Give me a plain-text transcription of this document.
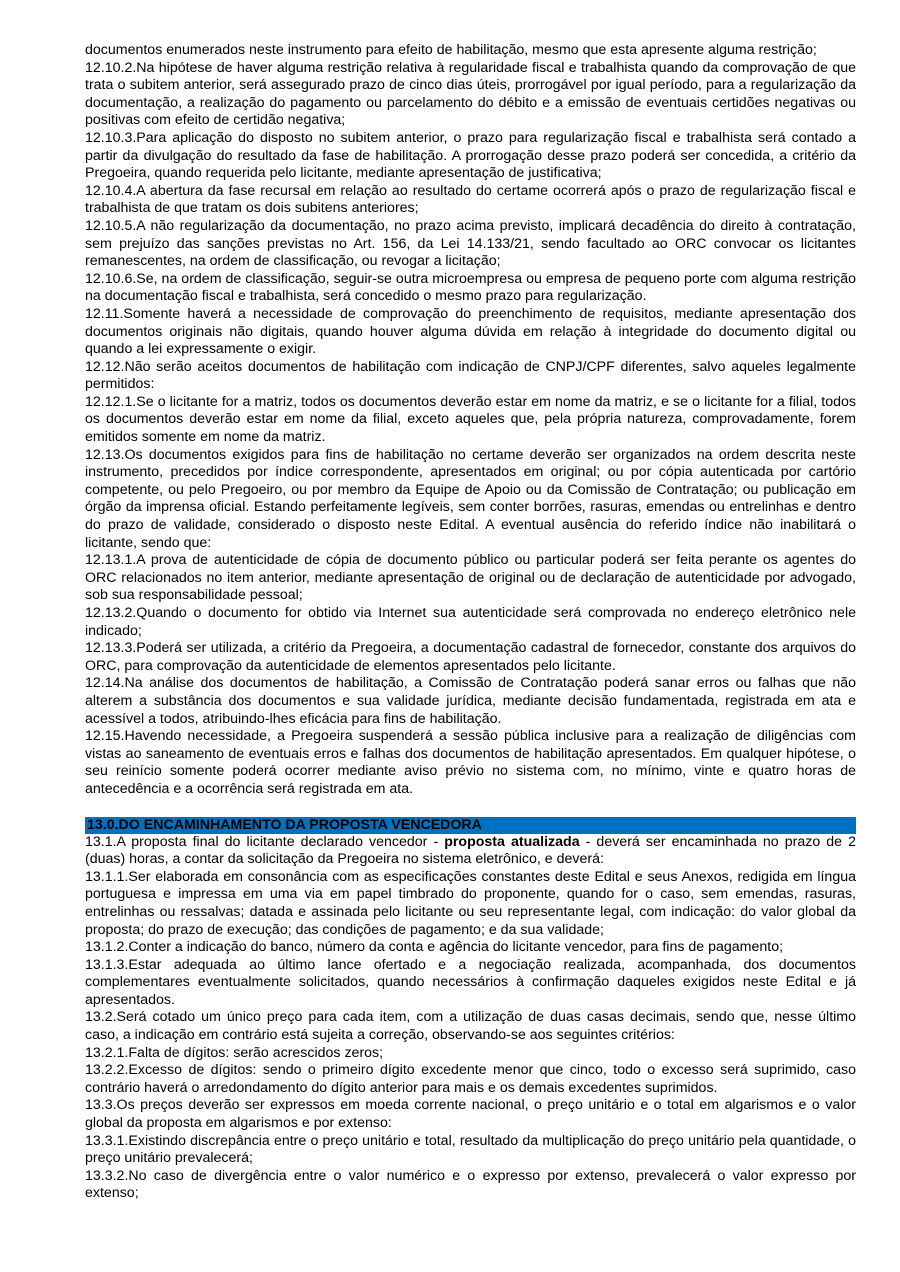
documentos enumerados neste instrumento para efeito de habilitação, mesmo que esta apresente alguma restrição;

12.10.2.Na hipótese de haver alguma restrição relativa à regularidade fiscal e trabalhista quando da comprovação de que trata o subitem anterior, será assegurado prazo de cinco dias úteis, prorrogável por igual período, para a regularização da documentação, a realização do pagamento ou parcelamento do débito e a emissão de eventuais certidões negativas ou positivas com efeito de certidão negativa;

12.10.3.Para aplicação do disposto no subitem anterior, o prazo para regularização fiscal e trabalhista será contado a partir da divulgação do resultado da fase de habilitação. A prorrogação desse prazo poderá ser concedida, a critério da Pregoeira, quando requerida pelo licitante, mediante apresentação de justificativa;

12.10.4.A abertura da fase recursal em relação ao resultado do certame ocorrerá após o prazo de regularização fiscal e trabalhista de que tratam os dois subitens anteriores;

12.10.5.A não regularização da documentação, no prazo acima previsto, implicará decadência do direito à contratação, sem prejuízo das sanções previstas no Art. 156, da Lei 14.133/21, sendo facultado ao ORC convocar os licitantes remanescentes, na ordem de classificação, ou revogar a licitação;

12.10.6.Se, na ordem de classificação, seguir-se outra microempresa ou empresa de pequeno porte com alguma restrição na documentação fiscal e trabalhista, será concedido o mesmo prazo para regularização.

12.11.Somente haverá a necessidade de comprovação do preenchimento de requisitos, mediante apresentação dos documentos originais não digitais, quando houver alguma dúvida em relação à integridade do documento digital ou quando a lei expressamente o exigir.

12.12.Não serão aceitos documentos de habilitação com indicação de CNPJ/CPF diferentes, salvo aqueles legalmente permitidos:

12.12.1.Se o licitante for a matriz, todos os documentos deverão estar em nome da matriz, e se o licitante for a filial, todos os documentos deverão estar em nome da filial, exceto aqueles que, pela própria natureza, comprovadamente, forem emitidos somente em nome da matriz.

12.13.Os documentos exigidos para fins de habilitação no certame deverão ser organizados na ordem descrita neste instrumento, precedidos por índice correspondente, apresentados em original; ou por cópia autenticada por cartório competente, ou pelo Pregoeiro, ou por membro da Equipe de Apoio ou da Comissão de Contratação; ou publicação em órgão da imprensa oficial. Estando perfeitamente legíveis, sem conter borrões, rasuras, emendas ou entrelinhas e dentro do prazo de validade, considerado o disposto neste Edital. A eventual ausência do referido índice não inabilitará o licitante, sendo que:

12.13.1.A prova de autenticidade de cópia de documento público ou particular poderá ser feita perante os agentes do ORC relacionados no item anterior, mediante apresentação de original ou de declaração de autenticidade por advogado, sob sua responsabilidade pessoal;

12.13.2.Quando o documento for obtido via Internet sua autenticidade será comprovada no endereço eletrônico nele indicado;

12.13.3.Poderá ser utilizada, a critério da Pregoeira, a documentação cadastral de fornecedor, constante dos arquivos do ORC, para comprovação da autenticidade de elementos apresentados pelo licitante.

12.14.Na análise dos documentos de habilitação, a Comissão de Contratação poderá sanar erros ou falhas que não alterem a substância dos documentos e sua validade jurídica, mediante decisão fundamentada, registrada em ata e acessível a todos, atribuindo-lhes eficácia para fins de habilitação.

12.15.Havendo necessidade, a Pregoeira suspenderá a sessão pública inclusive para a realização de diligências com vistas ao saneamento de eventuais erros e falhas dos documentos de habilitação apresentados. Em qualquer hipótese, o seu reinício somente poderá ocorrer mediante aviso prévio no sistema com, no mínimo, vinte e quatro horas de antecedência e a ocorrência será registrada em ata.

13.0.DO ENCAMINHAMENTO DA PROPOSTA VENCEDORA

13.1.A proposta final do licitante declarado vencedor - proposta atualizada - deverá ser encaminhada no prazo de 2 (duas) horas, a contar da solicitação da Pregoeira no sistema eletrônico, e deverá:

13.1.1.Ser elaborada em consonância com as especificações constantes deste Edital e seus Anexos, redigida em língua portuguesa e impressa em uma via em papel timbrado do proponente, quando for o caso, sem emendas, rasuras, entrelinhas ou ressalvas; datada e assinada pelo licitante ou seu representante legal, com indicação: do valor global da proposta; do prazo de execução; das condições de pagamento; e da sua validade;

13.1.2.Conter a indicação do banco, número da conta e agência do licitante vencedor, para fins de pagamento;

13.1.3.Estar adequada ao último lance ofertado e a negociação realizada, acompanhada, dos documentos complementares eventualmente solicitados, quando necessários à confirmação daqueles exigidos neste Edital e já apresentados.

13.2.Será cotado um único preço para cada item, com a utilização de duas casas decimais, sendo que, nesse último caso, a indicação em contrário está sujeita a correção, observando-se aos seguintes critérios:

13.2.1.Falta de dígitos: serão acrescidos zeros;

13.2.2.Excesso de dígitos: sendo o primeiro dígito excedente menor que cinco, todo o excesso será suprimido, caso contrário haverá o arredondamento do dígito anterior para mais e os demais excedentes suprimidos.

13.3.Os preços deverão ser expressos em moeda corrente nacional, o preço unitário e o total em algarismos e o valor global da proposta em algarismos e por extenso:

13.3.1.Existindo discrepância entre o preço unitário e total, resultado da multiplicação do preço unitário pela quantidade, o preço unitário prevalecerá;

13.3.2.No caso de divergência entre o valor numérico e o expresso por extenso, prevalecerá o valor expresso por extenso;
